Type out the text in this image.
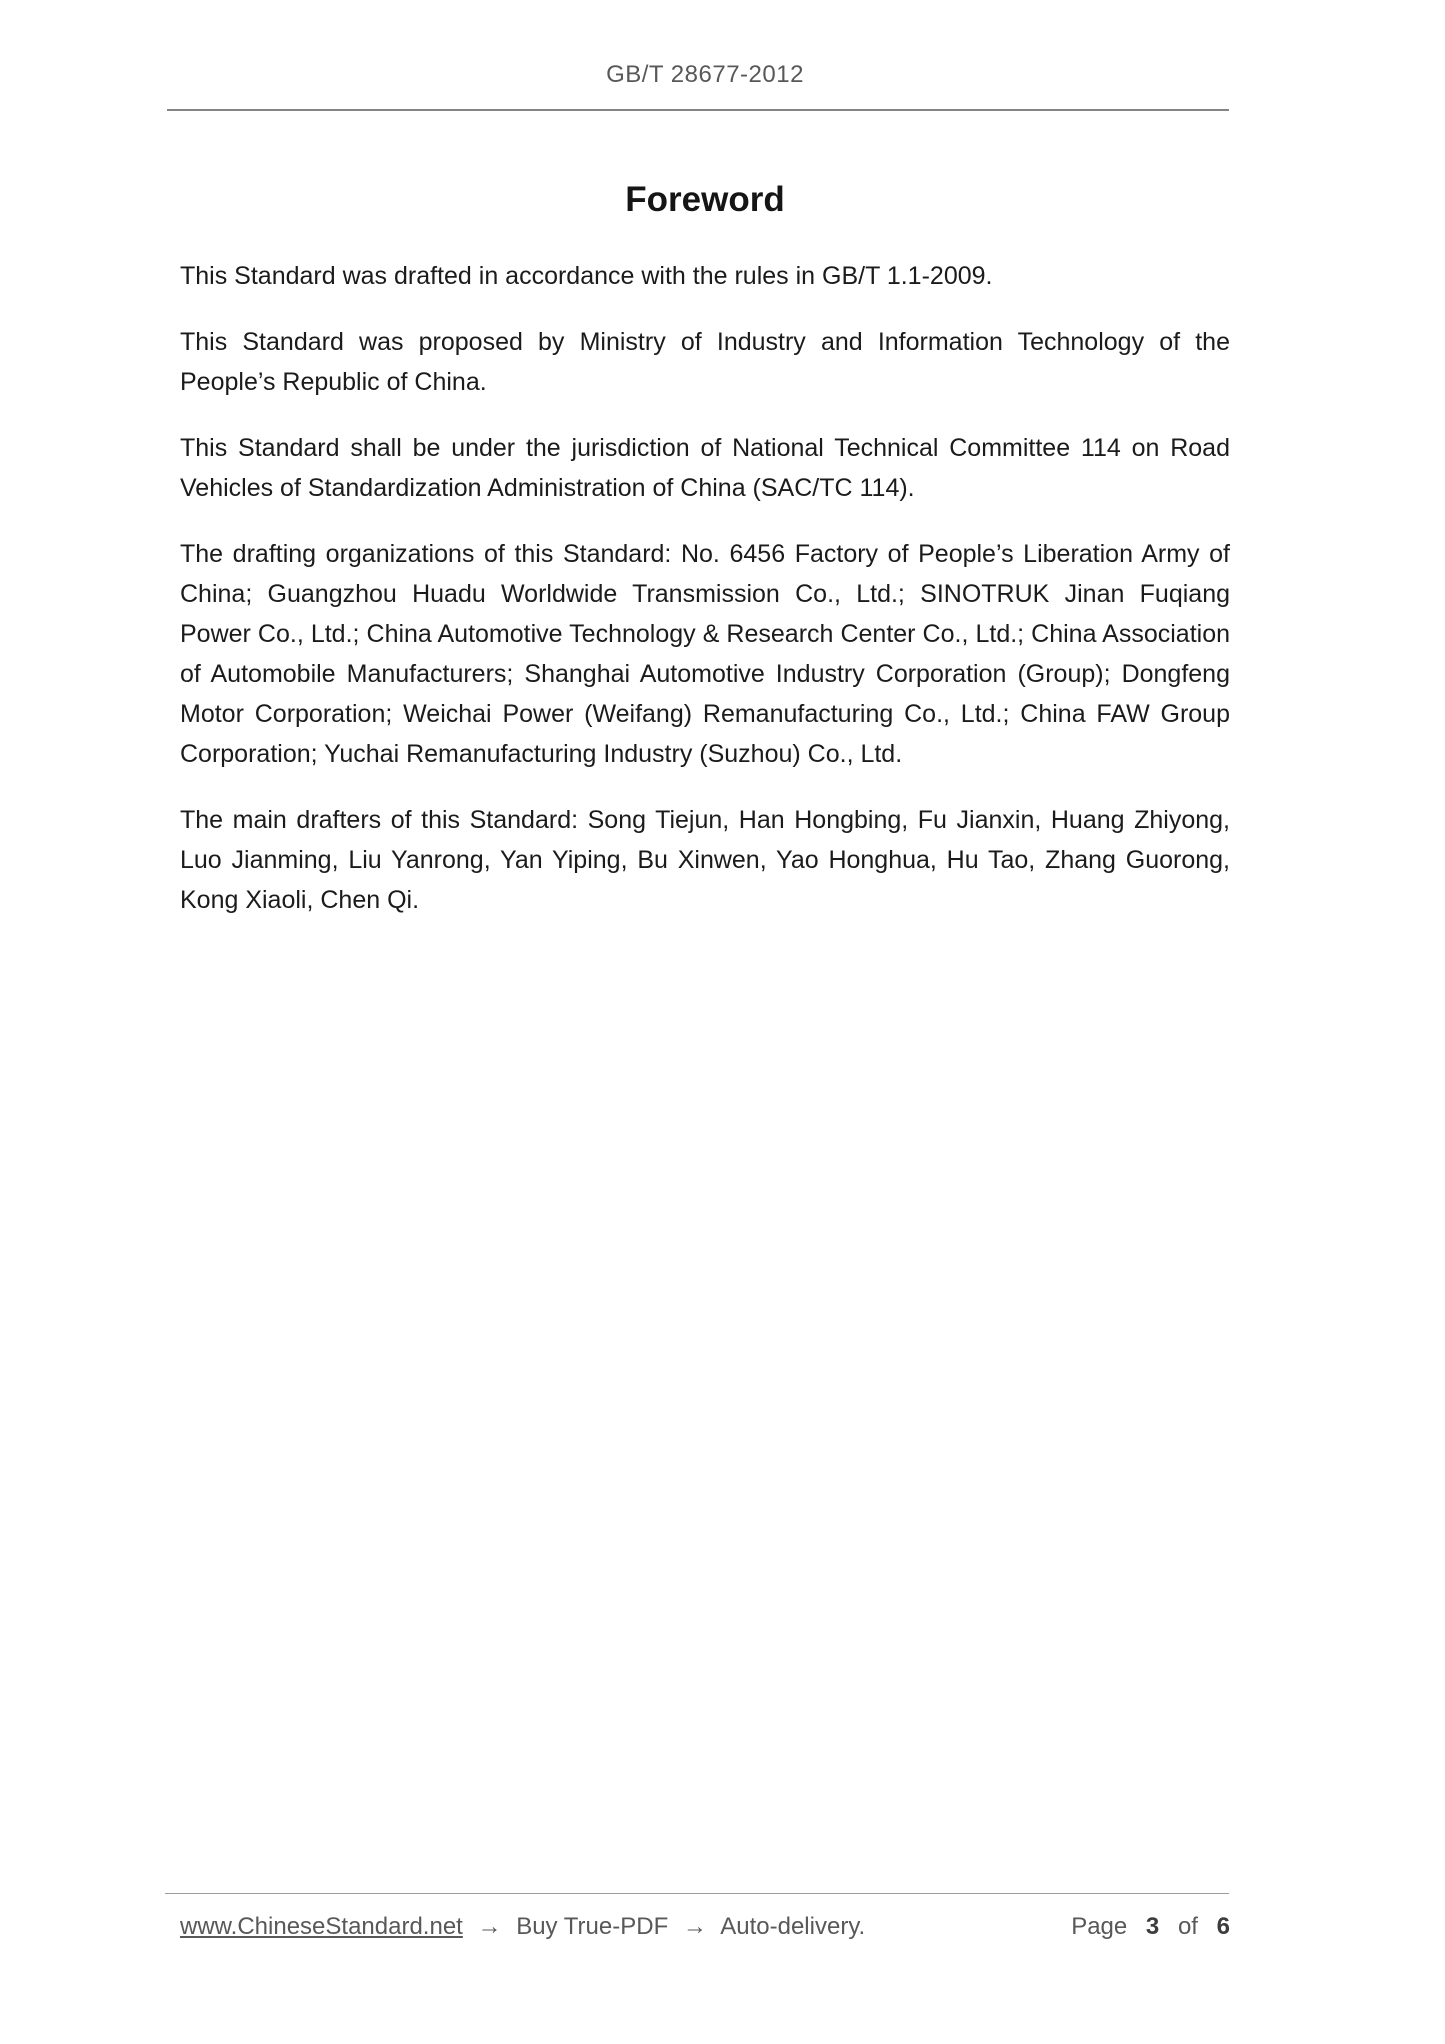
GB/T 28677-2012
Foreword

This Standard was drafted in accordance with the rules in GB/T 1.1-2009.

This Standard was proposed by Ministry of Industry and Information Technology of the People’s Republic of China.

This Standard shall be under the jurisdiction of National Technical Committee 114 on Road Vehicles of Standardization Administration of China (SAC/TC 114).

The drafting organizations of this Standard: No. 6456 Factory of People’s Liberation Army of China; Guangzhou Huadu Worldwide Transmission Co., Ltd.; SINOTRUK Jinan Fuqiang Power Co., Ltd.; China Automotive Technology & Research Center Co., Ltd.; China Association of Automobile Manufacturers; Shanghai Automotive Industry Corporation (Group); Dongfeng Motor Corporation; Weichai Power (Weifang) Remanufacturing Co., Ltd.; China FAW Group Corporation; Yuchai Remanufacturing Industry (Suzhou) Co., Ltd.

The main drafters of this Standard: Song Tiejun, Han Hongbing, Fu Jianxin, Huang Zhiyong, Luo Jianming, Liu Yanrong, Yan Yiping, Bu Xinwen, Yao Honghua, Hu Tao, Zhang Guorong, Kong Xiaoli, Chen Qi.

www.ChineseStandard.net → Buy True-PDF → Auto-delivery.	Page 3 of 6
